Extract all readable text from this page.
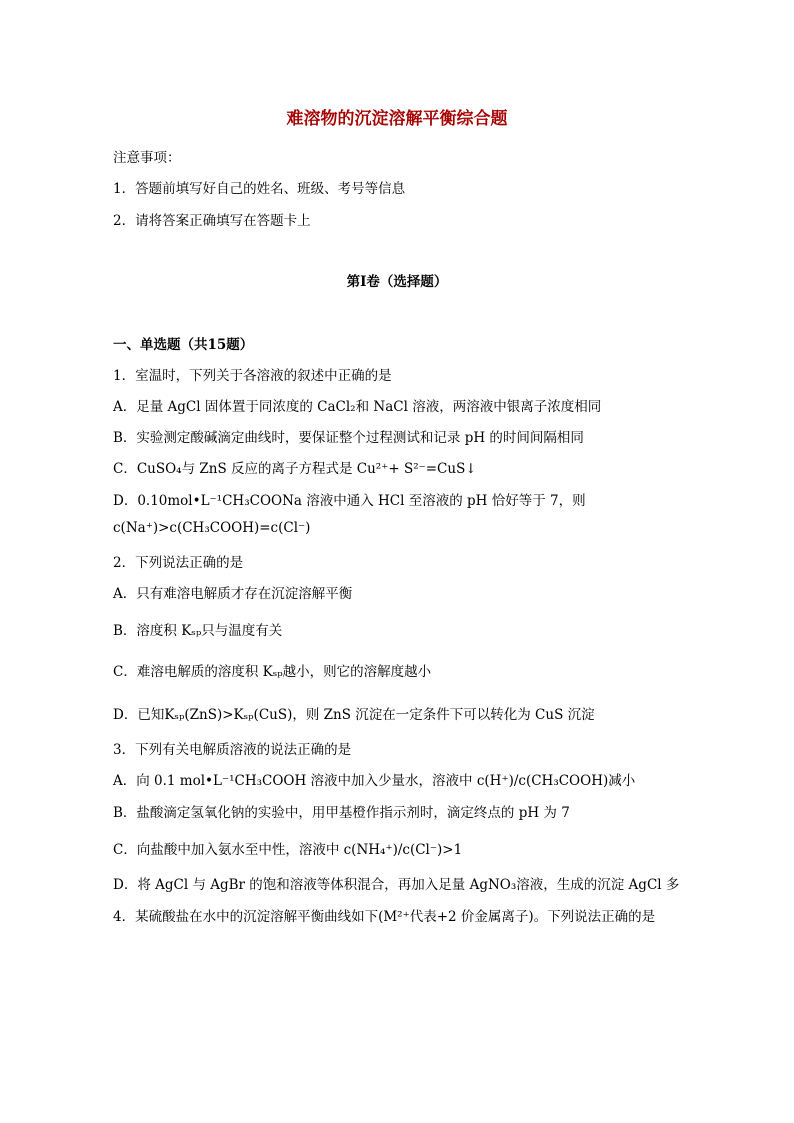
难溶物的沉淀溶解平衡综合题
注意事项：
1．答题前填写好自己的姓名、班级、考号等信息
2．请将答案正确填写在答题卡上
第I卷（选择题）
一、单选题（共15题）
1．室温时，下列关于各溶液的叙述中正确的是
A．足量 AgCl 固体置于同浓度的 CaCl₂和 NaCl 溶液，两溶液中银离子浓度相同
B．实验测定酸碱滴定曲线时，要保证整个过程测试和记录 pH 的时间间隔相同
C．CuSO₄与 ZnS 反应的离子方程式是 Cu²⁺+ S²⁻=CuS↓
D．0.10mol•L⁻¹CH₃COONa 溶液中通入 HCl 至溶液的 pH 恰好等于 7，则
c(Na⁺)>c(CH₃COOH)=c(Cl⁻)
2．下列说法正确的是
A．只有难溶电解质才存在沉淀溶解平衡
B．溶度积 Kₛₚ只与温度有关
C．难溶电解质的溶度积 Kₛₚ越小，则它的溶解度越小
D．已知Kₛₚ(ZnS)>Kₛₚ(CuS)，则 ZnS 沉淀在一定条件下可以转化为 CuS 沉淀
3．下列有关电解质溶液的说法正确的是
A．向 0.1 mol•L⁻¹CH₃COOH 溶液中加入少量水，溶液中 c(H⁺)/c(CH₃COOH)减小
B．盐酸滴定氢氧化钠的实验中，用甲基橙作指示剂时，滴定终点的 pH 为 7
C．向盐酸中加入氨水至中性，溶液中 c(NH₄⁺)/c(Cl⁻)>1
D．将 AgCl 与 AgBr 的饱和溶液等体积混合，再加入足量 AgNO₃溶液，生成的沉淀 AgCl 多
4．某硫酸盐在水中的沉淀溶解平衡曲线如下(M²⁺代表+2 价金属离子)。下列说法正确的是
